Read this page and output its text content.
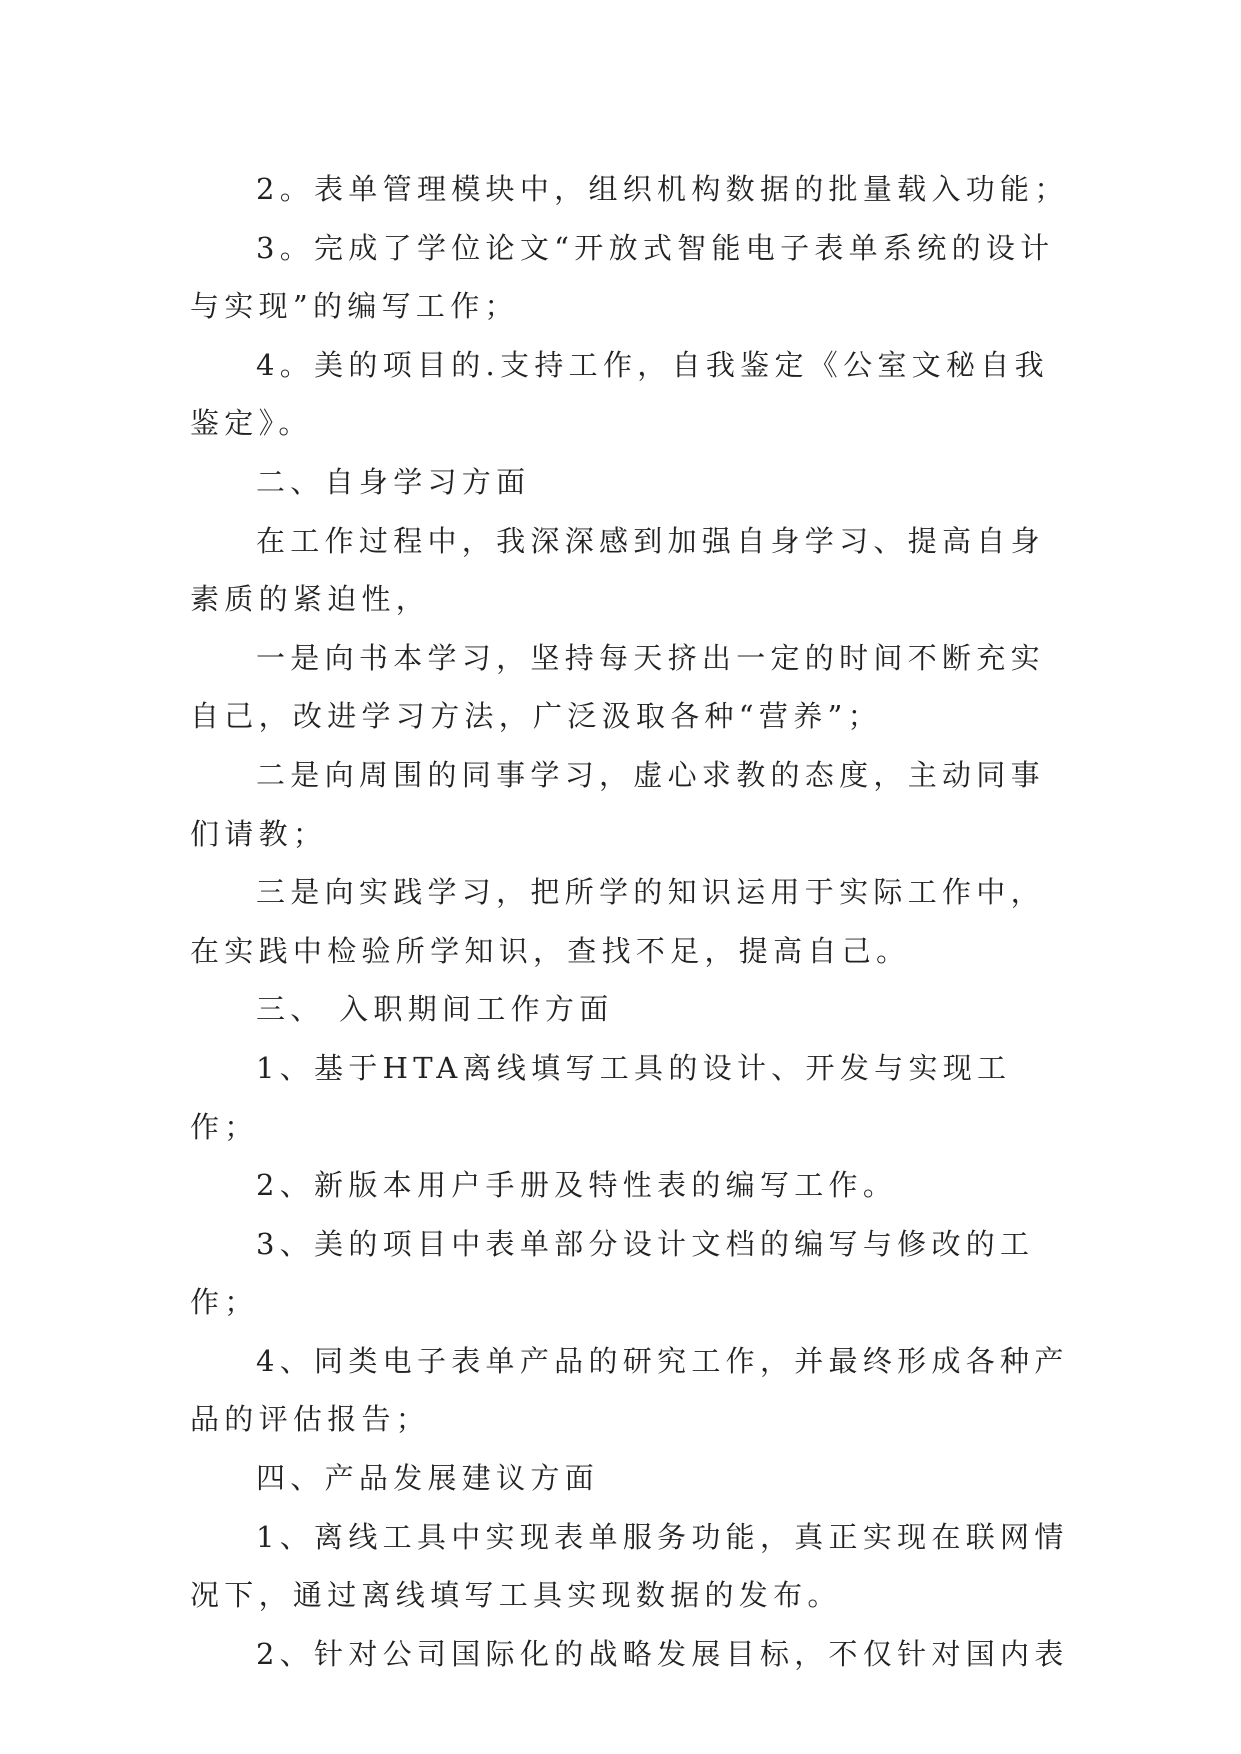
2。表单管理模块中，组织机构数据的批量载入功能；

3。完成了学位论文“开放式智能电子表单系统的设计与实现”的编写工作；

4。美的项目的.支持工作，自我鉴定《公室文秘自我鉴定》。

二、自身学习方面

在工作过程中，我深深感到加强自身学习、提高自身素质的紧迫性，

一是向书本学习，坚持每天挤出一定的时间不断充实自己，改进学习方法，广泛汲取各种“营养”；

二是向周围的同事学习，虚心求教的态度，主动同事们请教；

三是向实践学习，把所学的知识运用于实际工作中，在实践中检验所学知识，查找不足，提高自己。

三、 入职期间工作方面

1、基于HTA离线填写工具的设计、开发与实现工作；

2、新版本用户手册及特性表的编写工作。

3、美的项目中表单部分设计文档的编写与修改的工作；

4、同类电子表单产品的研究工作，并最终形成各种产品的评估报告；

四、产品发展建议方面

1、离线工具中实现表单服务功能，真正实现在联网情况下，通过离线填写工具实现数据的发布。

2、针对公司国际化的战略发展目标，不仅针对国内表
